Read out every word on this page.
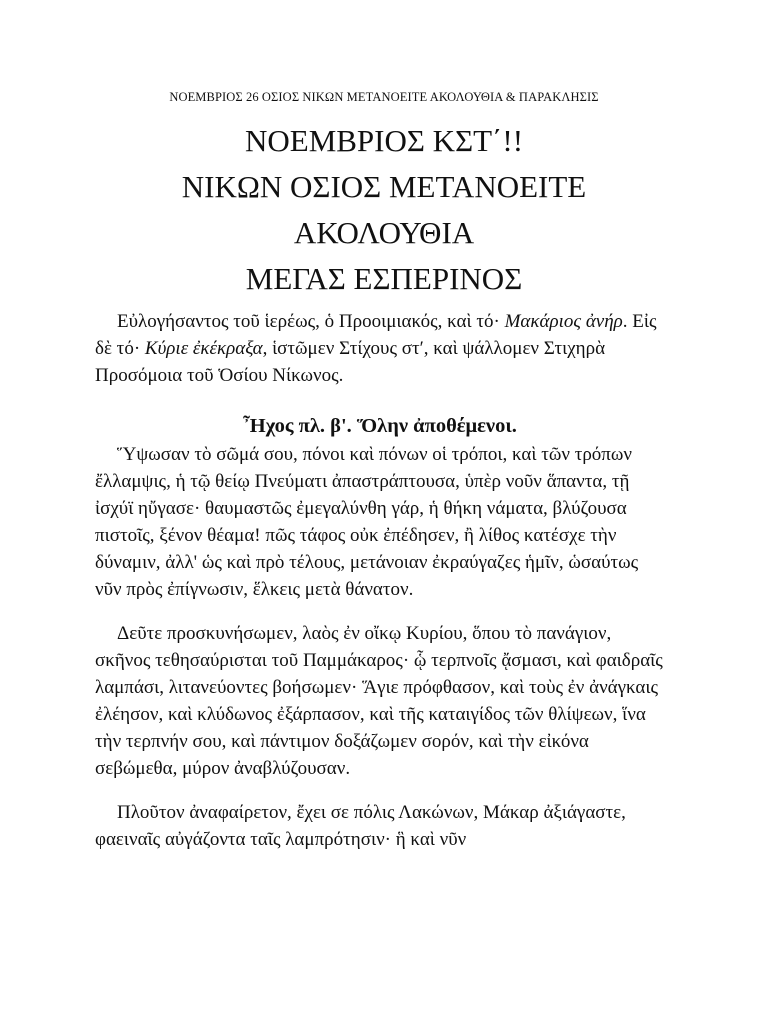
ΝΟΕΜΒΡΙΟΣ 26 ΟΣΙΟΣ ΝΙΚΩΝ ΜΕΤΑΝΟΕΙΤΕ ΑΚΟΛΟΥΘΙΑ & ΠΑΡΑΚΛΗΣΙΣ
ΝΟΕΜΒΡΙΟΣ ΚΣΤ΄!!
ΝΙΚΩΝ ΟΣΙΟΣ ΜΕΤΑΝΟΕΙΤΕ
ΑΚΟΛΟΥΘΙΑ
ΜΕΓΑΣ ΕΣΠΕΡΙΝΟΣ

Εὐλογήσαντος τοῦ ἱερέως, ὁ Προοιμιακός, καὶ τό· Μακάριος ἀνήρ. Εἰς δὲ τό· Κύριε ἐκέκραξα, ἱστῶμεν Στίχους στʹ, καὶ ψάλλομεν Στιχηρὰ Προσόμοια τοῦ Ὁσίου Νίκωνος.

Ἦχος πλ. β'. Ὅλην ἀποθέμενοι.

Ὕψωσαν τὸ σῶμά σου, πόνοι καὶ πόνων οἱ τρόποι, καὶ τῶν τρόπων ἔλλαμψις, ἡ τῷ θείῳ Πνεύματι ἀπαστράπτουσα, ὑπὲρ νοῦν ἅπαντα, τῇ ἰσχύϊ ηὔγασε· θαυμαστῶς ἐμεγαλύνθη γάρ, ἡ θήκη νάματα, βλύζουσα πιστοῖς, ξένον θέαμα! πῶς τάφος οὐκ ἐπέδησεν, ἢ λίθος κατέσχε τὴν δύναμιν, ἀλλ' ὡς καὶ πρὸ τέλους, μετάνοιαν ἐκραύγαζες ἡμῖν, ὡσαύτως νῦν πρὸς ἐπίγνωσιν, ἕλκεις μετὰ θάνατον.

Δεῦτε προσκυνήσωμεν, λαὸς ἐν οἴκῳ Κυρίου, ὅπου τὸ πανάγιον, σκῆνος τεθησαύρισται τοῦ Παμμάκαρος· ᾧ τερπνοῖς ᾄσμασι, καὶ φαιδραῖς λαμπάσι, λιτανεύοντες βοήσωμεν· Ἅγιε πρόφθασον, καὶ τοὺς ἐν ἀνάγκαις ἐλέησον, καὶ κλύδωνος ἐξάρπασον, καὶ τῆς καταιγίδος τῶν θλίψεων, ἵνα τὴν τερπνήν σου, καὶ πάντιμον δοξάζωμεν σορόν, καὶ τὴν εἰκόνα σεβώμεθα, μύρον ἀναβλύζουσαν.

Πλοῦτον ἀναφαίρετον, ἔχει σε πόλις Λακώνων, Μάκαρ ἀξιάγαστε, φαειναῖς αὐγάζοντα ταῖς λαμπρότησιν· ἣ καὶ νῦν
